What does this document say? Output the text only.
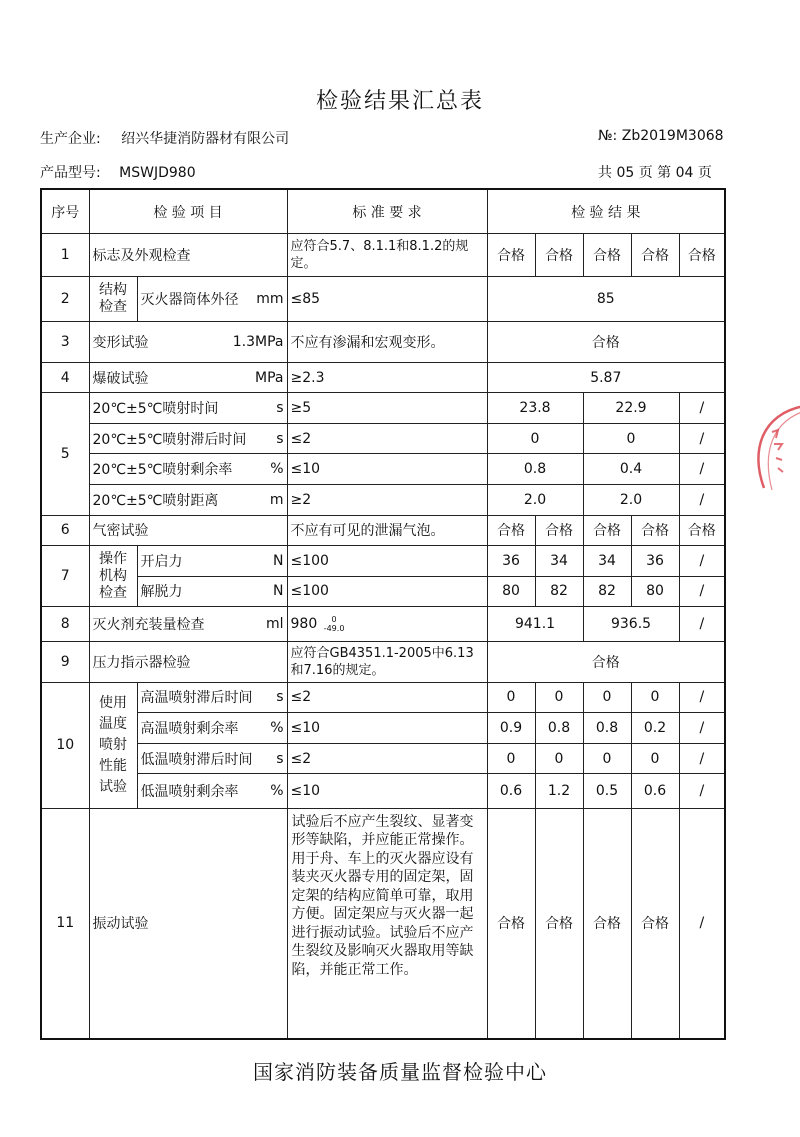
检验结果汇总表
生产企业: 绍兴华捷消防器材有限公司	№: Zb2019M3068
产品型号: MSWJD980	共 05 页 第 04 页
序号	检 验 项 目		标 准 要 求	检 验 结 果				
1	标志及外观检查		应符合5.7、8.1.1和8.1.2的规定。	合格	合格	合格	合格	合格
2	结构检查	灭火器筒体外径 mm	≤85	85				
3	变形试验 1.3MPa		不应有渗漏和宏观变形。	合格				
4	爆破试验 MPa		≥2.3	5.87				
5	20℃±5℃喷射时间 s		≥5	23.8		22.9		/

	20℃±5℃喷射滞后时间 s		≤2	0		0		/

	20℃±5℃喷射剩余率 %		≤10	0.8		0.4		/

	20℃±5℃喷射距离 m		≥2	2.0		2.0		/
6	气密试验		不应有可见的泄漏气泡。	合格	合格	合格	合格	合格
7	操作机构检查	开启力 N	≤100	36	34	34	36	/

		解脱力 N	≤100	80	82	82	80	/
8	灭火剂充装量检查 ml		980 0
-49.0	941.1		936.5		/
9	压力指示器检验		应符合GB4351.1-2005中6.13和7.16的规定。	合格				
10	使用温度喷射性能试验	高温喷射滞后时间 s	≤2	0	0	0	0	/

		高温喷射剩余率 %	≤10	0.9	0.8	0.8	0.2	/

		低温喷射滞后时间 s	≤2	0	0	0	0	/

		低温喷射剩余率 %	≤10	0.6	1.2	0.5	0.6	/
11	振动试验		试验后不应产生裂纹、显著变形等缺陷，并应能正常操作。用于舟、车上的灭火器应设有装夹灭火器专用的固定架，固定架的结构应简单可靠，取用方便。固定架应与灭火器一起进行振动试验。试验后不应产生裂纹及影响灭火器取用等缺陷，并能正常工作。	合格	合格	合格	合格	/
国家消防装备质量监督检验中心
